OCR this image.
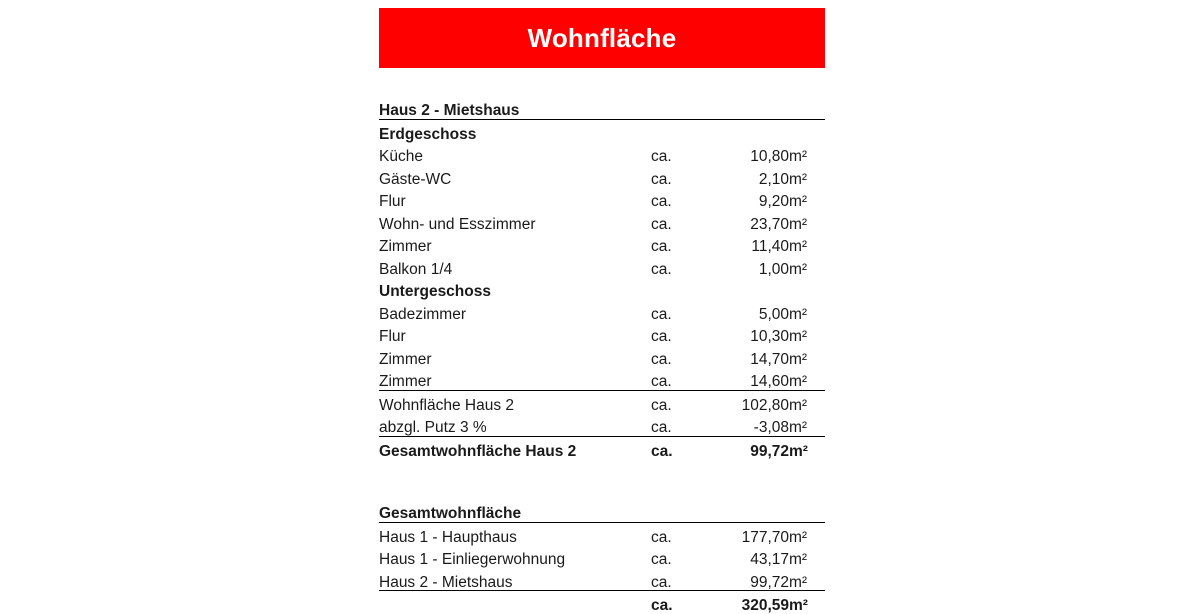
Wohnfläche
Haus 2 - Mietshaus			
Erdgeschoss			
Küche	ca.	10,80	m²
Gäste-WC	ca.	2,10	m²
Flur	ca.	9,20	m²
Wohn- und Esszimmer	ca.	23,70	m²
Zimmer	ca.	11,40	m²
Balkon 1/4	ca.	1,00	m²
Untergeschoss			
Badezimmer	ca.	5,00	m²
Flur	ca.	10,30	m²
Zimmer	ca.	14,70	m²
Zimmer	ca.	14,60	m²
Wohnfläche Haus 2	ca.	102,80	m²
abzgl. Putz 3 %	ca.	-3,08	m²
Gesamtwohnfläche Haus 2	ca.	99,72	m²

Gesamtwohnfläche			
Haus 1 - Haupthaus	ca.	177,70	m²
Haus 1 - Einliegerwohnung	ca.	43,17	m²
Haus 2 - Mietshaus	ca.	99,72	m²
	ca.	320,59	m²
